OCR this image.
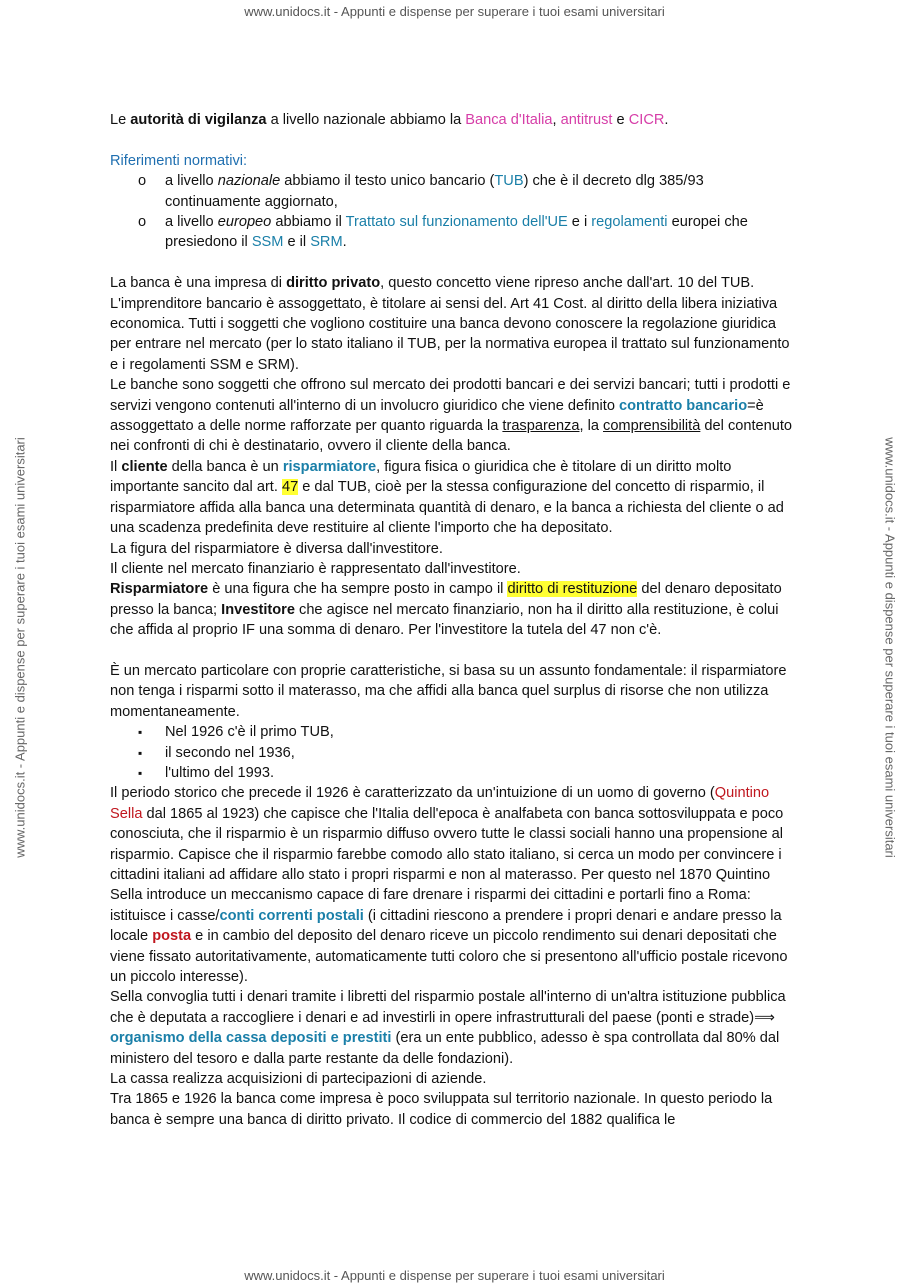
www.unidocs.it - Appunti e dispense per superare i tuoi esami universitari
www.unidocs.it - Appunti e dispense per superare i tuoi esami universitari	www.unidocs.it - Appunti e dispense per superare i tuoi esami universitari
www.unidocs.it - Appunti e dispense per superare i tuoi esami universitari

Le autorità di vigilanza a livello nazionale abbiamo la Banca d'Italia, antitrust e CICR.

Riferimenti normativi:

o a livello nazionale abbiamo il testo unico bancario (TUB) che è il decreto dlg 385/93 continuamente aggiornato,
o a livello europeo abbiamo il Trattato sul funzionamento dell'UE e i regolamenti europei che presiedono il SSM e il SRM.

La banca è una impresa di diritto privato, questo concetto viene ripreso anche dall'art. 10 del TUB. L'imprenditore bancario è assoggettato, è titolare ai sensi del. Art 41 Cost. al diritto della libera iniziativa economica. Tutti i soggetti che vogliono costituire una banca devono conoscere la regolazione giuridica per entrare nel mercato (per lo stato italiano il TUB, per la normativa europea il trattato sul funzionamento e i regolamenti SSM e SRM).

Le banche sono soggetti che offrono sul mercato dei prodotti bancari e dei servizi bancari; tutti i prodotti e servizi vengono contenuti all'interno di un involucro giuridico che viene definito contratto bancario=è assoggettato a delle norme rafforzate per quanto riguarda la trasparenza, la comprensibilità del contenuto nei confronti di chi è destinatario, ovvero il cliente della banca.

Il cliente della banca è un risparmiatore, figura fisica o giuridica che è titolare di un diritto molto importante sancito dal art. 47 e dal TUB, cioè per la stessa configurazione del concetto di risparmio, il risparmiatore affida alla banca una determinata quantità di denaro, e la banca a richiesta del cliente o ad una scadenza predefinita deve restituire al cliente l'importo che ha depositato.

La figura del risparmiatore è diversa dall'investitore.

Il cliente nel mercato finanziario è rappresentato dall'investitore.

Risparmiatore è una figura che ha sempre posto in campo il diritto di restituzione del denaro depositato presso la banca; Investitore che agisce nel mercato finanziario, non ha il diritto alla restituzione, è colui che affida al proprio IF una somma di denaro. Per l'investitore la tutela del 47 non c'è.

È un mercato particolare con proprie caratteristiche, si basa su un assunto fondamentale: il risparmiatore non tenga i risparmi sotto il materasso, ma che affidi alla banca quel surplus di risorse che non utilizza momentaneamente.

▪ Nel 1926 c'è il primo TUB,
▪ il secondo nel 1936,
▪ l'ultimo del 1993.

Il periodo storico che precede il 1926 è caratterizzato da un'intuizione di un uomo di governo (Quintino Sella dal 1865 al 1923) che capisce che l'Italia dell'epoca è analfabeta con banca sottosviluppata e poco conosciuta, che il risparmio è un risparmio diffuso ovvero tutte le classi sociali hanno una propensione al risparmio. Capisce che il risparmio farebbe comodo allo stato italiano, si cerca un modo per convincere i cittadini italiani ad affidare allo stato i propri risparmi e non al materasso. Per questo nel 1870 Quintino Sella introduce un meccanismo capace di fare drenare i risparmi dei cittadini e portarli fino a Roma: istituisce i casse/conti correnti postali (i cittadini riescono a prendere i propri denari e andare presso la locale posta e in cambio del deposito del denaro riceve un piccolo rendimento sui denari depositati che viene fissato autoritativamente, automaticamente tutti coloro che si presentono all'ufficio postale ricevono un piccolo interesse).

Sella convoglia tutti i denari tramite i libretti del risparmio postale all'interno di un'altra istituzione pubblica che è deputata a raccogliere i denari e ad investirli in opere infrastrutturali del paese (ponti e strade)⟹ organismo della cassa depositi e prestiti (era un ente pubblico, adesso è spa controllata dal 80% dal ministero del tesoro e dalla parte restante da delle fondazioni).

La cassa realizza acquisizioni di partecipazioni di aziende.

Tra 1865 e 1926 la banca come impresa è poco sviluppata sul territorio nazionale. In questo periodo la banca è sempre una banca di diritto privato. Il codice di commercio del 1882 qualifica le
